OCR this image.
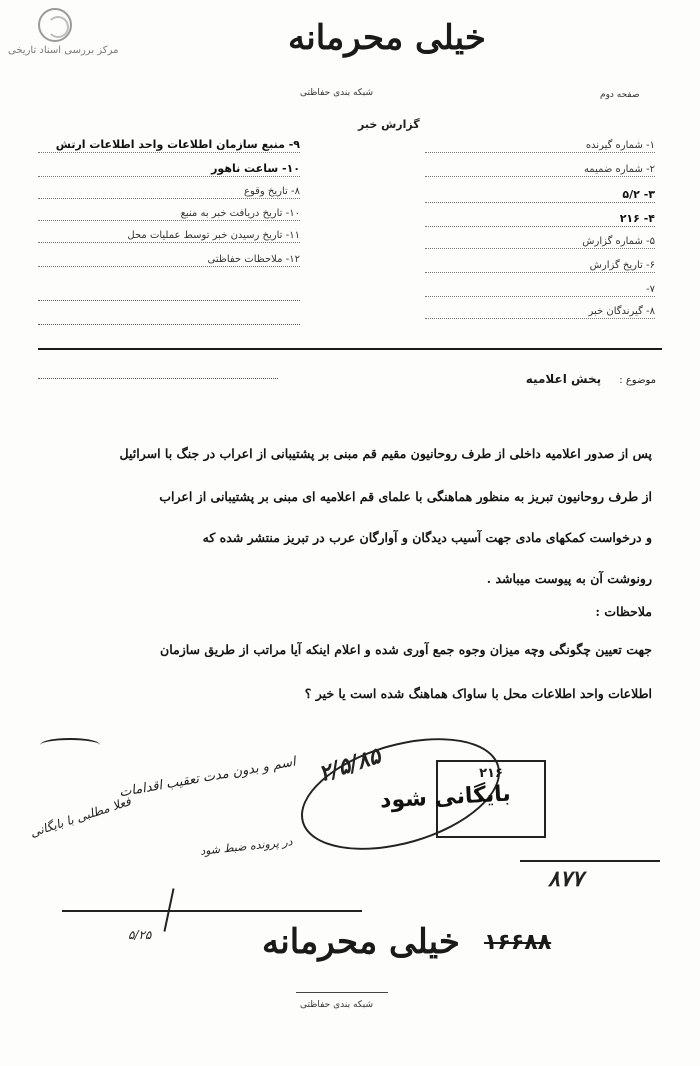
مرکز بررسی اسناد تاریخی	خیلی محرمانه
شبکه بندی حفاظتی	صفحه دوم
گزارش خبر
۱- شماره گیرنده
۲- شماره ضمیمه
۳- ۵/۲
۴- ۲۱۶
۵- شماره گزارش
۶- تاریخ گزارش
۷-
۸- گیرندگان خبر
۹- منبع سازمان اطلاعات واحد اطلاعات ارتش
۱۰- ساعت ناهور
۸- تاریخ وقوع
۱۰- تاریخ دریافت خبر به منبع
۱۱- تاریخ رسیدن خبر توسط عملیات محل
۱۲- ملاحظات حفاظتی
موضوع : پخش اعلامیه
پس از صدور اعلامیه داخلی از طرف روحانیون مقیم قم مبنی بر پشتیبانی از اعراب در جنگ با اسرائیل
از طرف روحانیون تبریز به منظور هماهنگی با علمای قم اعلامیه ای مبنی بر پشتیبانی از اعراب
و درخواست کمکهای مادی جهت آسیب دیدگان و آوارگان عرب در تبریز منتشر شده که
رونوشت آن به پیوست میباشد .
ملاحظات :
جهت تعیین چگونگی وچه میزان وجوه جمع آوری شده و اعلام اینکه آیا مراتب از طریق سازمان
اطلاعات واحد اطلاعات محل با ساواک هماهنگ شده است یا خیر ؟
اسم و بدون مدت تعقیب اقدامات
فعلا مطلبی با بایگانی
در پرونده ضبط شود
۲/۵/۸۵	۲۱۶
بایگانی شود
۸۷۷
۵/۲۵	خیلی محرمانه ۱۶۶۸۸
شبکه بندی حفاظتی
